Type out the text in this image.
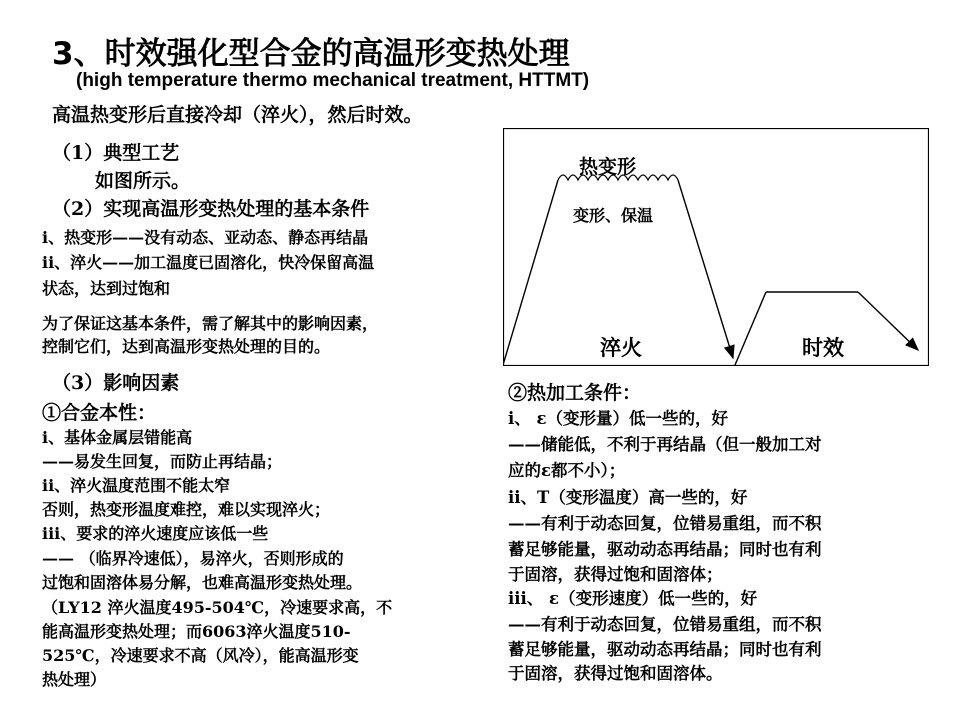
3、时效强化型合金的高温形变热处理
(high temperature thermo mechanical treatment, HTTMT)
高温热变形后直接冷却（淬火），然后时效。
（1）典型工艺
如图所示。
（2）实现高温形变热处理的基本条件
i、热变形——没有动态、亚动态、静态再结晶
ii、淬火——加工温度已固溶化，快冷保留高温
状态，达到过饱和
为了保证这基本条件，需了解其中的影响因素，
控制它们，达到高温形变热处理的目的。
（3）影响因素
①合金本性：
i、基体金属层错能高
——易发生回复，而防止再结晶；
ii、淬火温度范围不能太窄
否则，热变形温度难控，难以实现淬火；
iii、要求的淬火速度应该低一些
—— （临界冷速低），易淬火，否则形成的
过饱和固溶体易分解，也难高温形变热处理。
（LY12 淬火温度495-504℃，冷速要求高，不
能高温形变热处理；而6063淬火温度510-
525℃，冷速要求不高（风冷），能高温形变
热处理）
热变形
变形、保温
淬火	时效
②热加工条件：
i、 ε（变形量）低一些的，好
——储能低，不利于再结晶（但一般加工对
应的ε都不小）；
ii、T（变形温度）高一些的，好
——有利于动态回复，位错易重组，而不积
蓄足够能量，驱动动态再结晶；同时也有利
于固溶，获得过饱和固溶体；
iii、 ε（变形速度）低一些的，好
——有利于动态回复，位错易重组，而不积
蓄足够能量，驱动动态再结晶；同时也有利
于固溶，获得过饱和固溶体。
